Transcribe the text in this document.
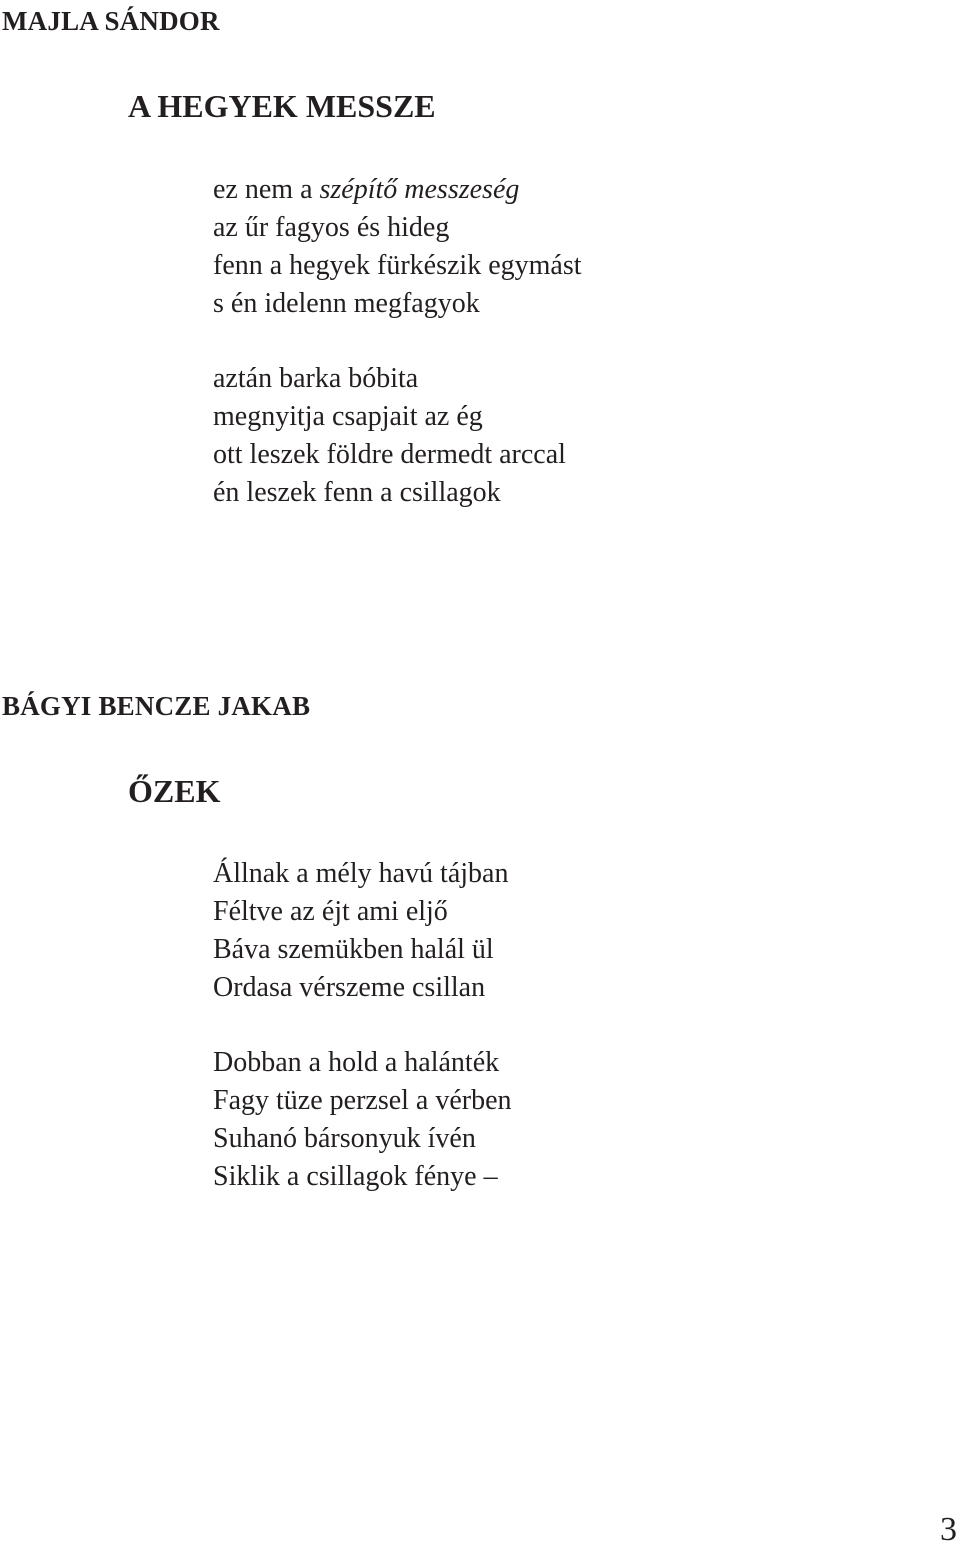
MAJLA SÁNDOR
A HEGYEK MESSZE
ez nem a szépítő messzeség
az űr fagyos és hideg
fenn a hegyek fürkészik egymást
s én idelenn megfagyok
aztán barka bóbita
megnyitja csapjait az ég
ott leszek földre dermedt arccal
én leszek fenn a csillagok
BÁGYI BENCZE JAKAB
ŐZEK
Állnak a mély havú tájban
Féltve az éjt ami eljő
Báva szemükben halál ül
Ordasa vérszeme csillan
Dobban a hold a halánték
Fagy tüze perzsel a vérben
Suhanó bársonyuk ívén
Siklik a csillagok fénye –
3
